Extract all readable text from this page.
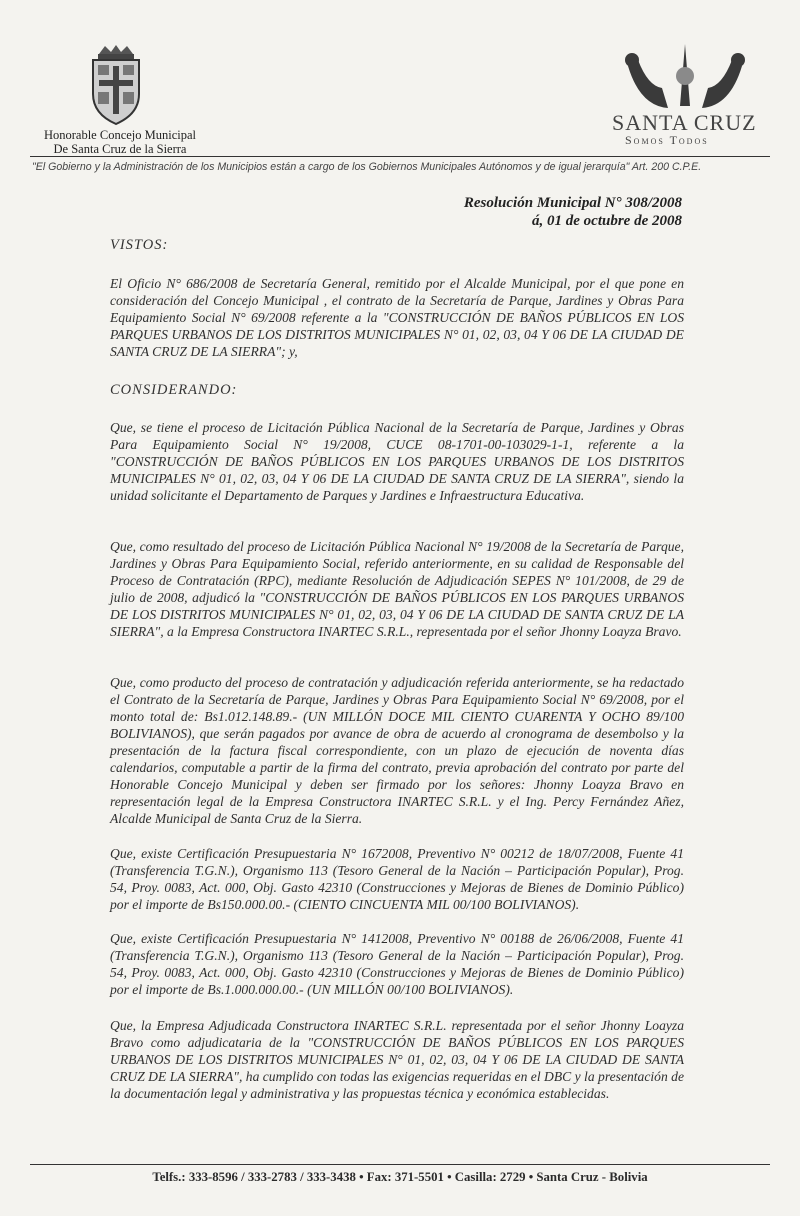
Honorable Concejo Municipal
De Santa Cruz de la Sierra
SANTA CRUZ
Somos Todos
"El Gobierno y la Administración de los Municipios están a cargo de los Gobiernos Municipales Autónomos y de igual jerarquía" Art. 200 C.P.E.
Resolución Municipal N° 308/2008
á, 01 de octubre de 2008
VISTOS:

El Oficio N° 686/2008 de Secretaría General, remitido por el Alcalde Municipal, por el que pone en consideración del Concejo Municipal , el contrato de la Secretaría de Parque, Jardines y Obras Para Equipamiento Social N° 69/2008 referente a la "CONSTRUCCIÓN DE BAÑOS PÚBLICOS EN LOS PARQUES URBANOS DE LOS DISTRITOS MUNICIPALES N° 01, 02, 03, 04 Y 06 DE LA CIUDAD DE SANTA CRUZ DE LA SIERRA"; y,

CONSIDERANDO:

Que, se tiene el proceso de Licitación Pública Nacional de la Secretaría de Parque, Jardines y Obras Para Equipamiento Social N° 19/2008, CUCE 08-1701-00-103029-1-1, referente a la "CONSTRUCCIÓN DE BAÑOS PÚBLICOS EN LOS PARQUES URBANOS DE LOS DISTRITOS MUNICIPALES N° 01, 02, 03, 04 Y 06 DE LA CIUDAD DE SANTA CRUZ DE LA SIERRA", siendo la unidad solicitante el Departamento de Parques y Jardines e Infraestructura Educativa.

Que, como resultado del proceso de Licitación Pública Nacional N° 19/2008 de la Secretaría de Parque, Jardines y Obras Para Equipamiento Social, referido anteriormente, en su calidad de Responsable del Proceso de Contratación (RPC), mediante Resolución de Adjudicación SEPES N° 101/2008, de 29 de julio de 2008, adjudicó la "CONSTRUCCIÓN DE BAÑOS PÚBLICOS EN LOS PARQUES URBANOS DE LOS DISTRITOS MUNICIPALES N° 01, 02, 03, 04 Y 06 DE LA CIUDAD DE SANTA CRUZ DE LA SIERRA", a la Empresa Constructora INARTEC S.R.L., representada por el señor Jhonny Loayza Bravo.

Que, como producto del proceso de contratación y adjudicación referida anteriormente, se ha redactado el Contrato de la Secretaría de Parque, Jardines y Obras Para Equipamiento Social N° 69/2008, por el monto total de: Bs1.012.148.89.- (UN MILLÓN DOCE MIL CIENTO CUARENTA Y OCHO 89/100 BOLIVIANOS), que serán pagados por avance de obra de acuerdo al cronograma de desembolso y la presentación de la factura fiscal correspondiente, con un plazo de ejecución de noventa días calendarios, computable a partir de la firma del contrato, previa aprobación del contrato por parte del Honorable Concejo Municipal y deben ser firmado por los señores: Jhonny Loayza Bravo en representación legal de la Empresa Constructora INARTEC S.R.L. y el Ing. Percy Fernández Añez, Alcalde Municipal de Santa Cruz de la Sierra.

Que, existe Certificación Presupuestaria N° 1672008, Preventivo N° 00212 de 18/07/2008, Fuente 41 (Transferencia T.G.N.), Organismo 113 (Tesoro General de la Nación – Participación Popular), Prog. 54, Proy. 0083, Act. 000, Obj. Gasto 42310 (Construcciones y Mejoras de Bienes de Dominio Público) por el importe de Bs150.000.00.- (CIENTO CINCUENTA MIL 00/100 BOLIVIANOS).

Que, existe Certificación Presupuestaria N° 1412008, Preventivo N° 00188 de 26/06/2008, Fuente 41 (Transferencia T.G.N.), Organismo 113 (Tesoro General de la Nación – Participación Popular), Prog. 54, Proy. 0083, Act. 000, Obj. Gasto 42310 (Construcciones y Mejoras de Bienes de Dominio Público) por el importe de Bs.1.000.000.00.- (UN MILLÓN 00/100 BOLIVIANOS).

Que, la Empresa Adjudicada Constructora INARTEC S.R.L. representada por el señor Jhonny Loayza Bravo como adjudicataria de la "CONSTRUCCIÓN DE BAÑOS PÚBLICOS EN LOS PARQUES URBANOS DE LOS DISTRITOS MUNICIPALES N° 01, 02, 03, 04 Y 06 DE LA CIUDAD DE SANTA CRUZ DE LA SIERRA", ha cumplido con todas las exigencias requeridas en el DBC y la presentación de la documentación legal y administrativa y las propuestas técnica y económica establecidas.

Telfs.: 333-8596 / 333-2783 / 333-3438 • Fax: 371-5501 • Casilla: 2729 • Santa Cruz - Bolivia
